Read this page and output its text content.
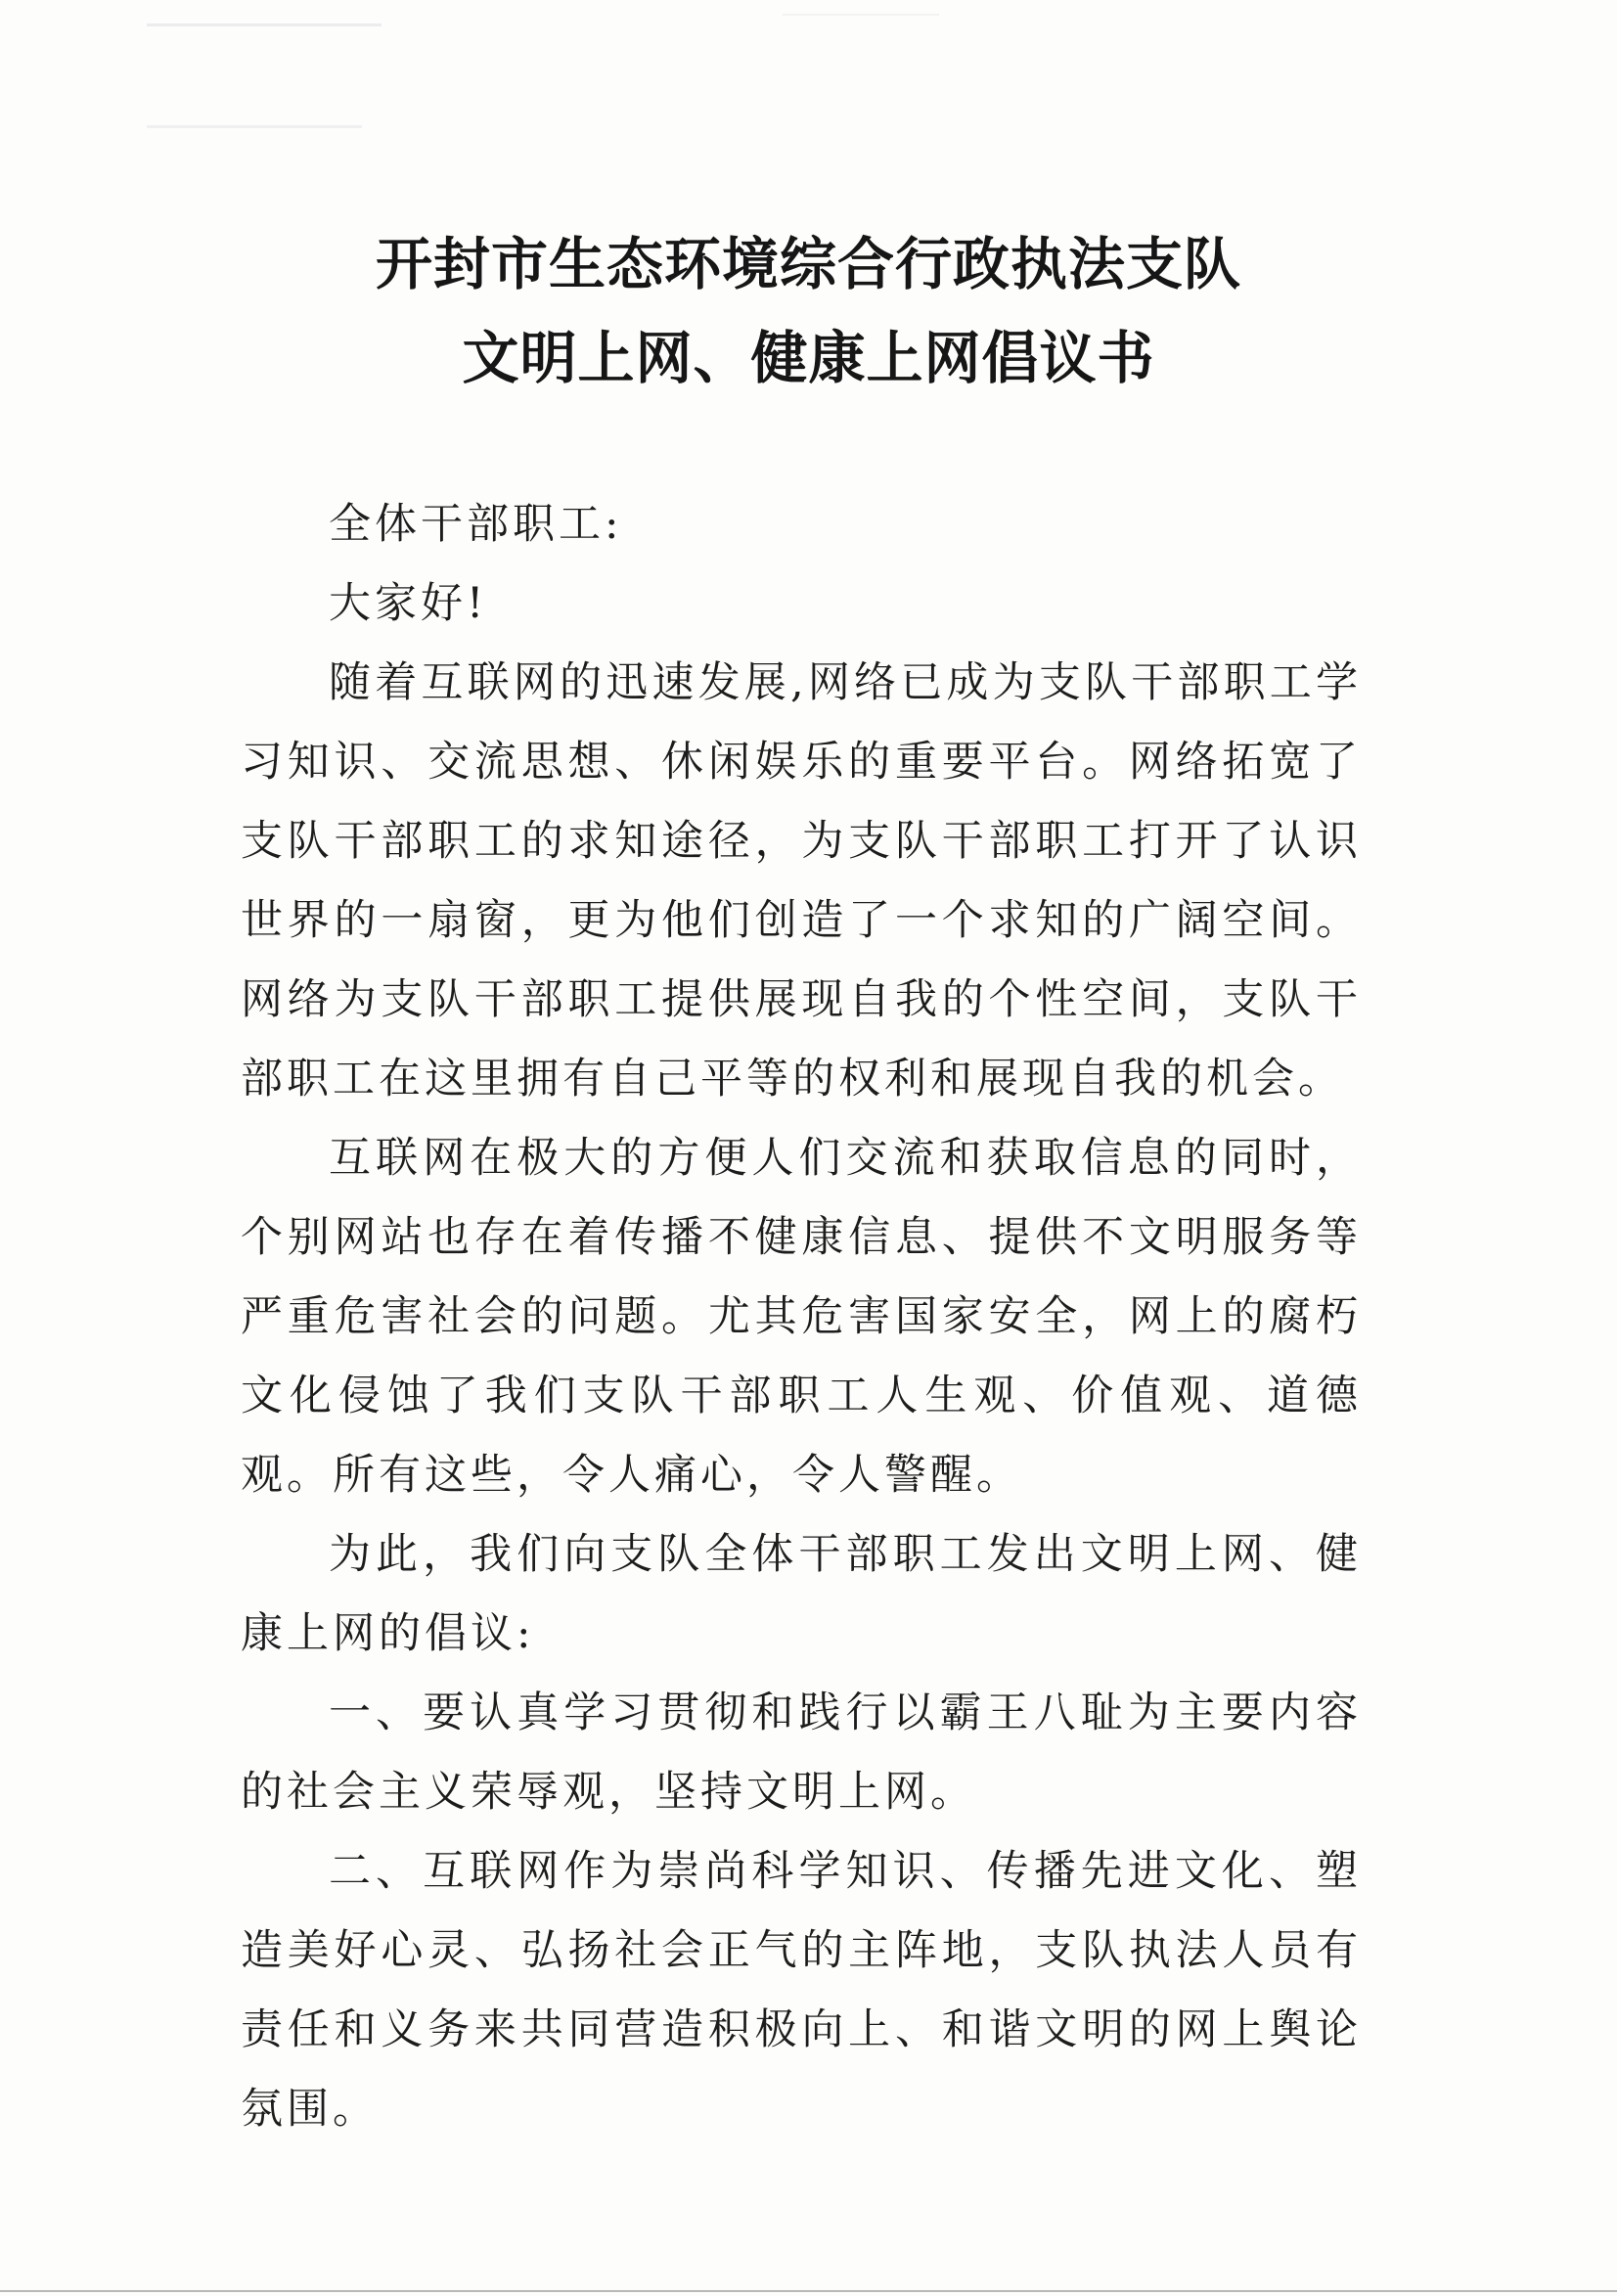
开封市生态环境综合行政执法支队
文明上网、健康上网倡议书

全体干部职工:

大家好!

随着互联网的迅速发展,网络已成为支队干部职工学习知识、交流思想、休闲娱乐的重要平台。网络拓宽了支队干部职工的求知途径，为支队干部职工打开了认识世界的一扇窗，更为他们创造了一个求知的广阔空间。网络为支队干部职工提供展现自我的个性空间，支队干部职工在这里拥有自己平等的权利和展现自我的机会。

互联网在极大的方便人们交流和获取信息的同时，个别网站也存在着传播不健康信息、提供不文明服务等严重危害社会的问题。尤其危害国家安全，网上的腐朽文化侵蚀了我们支队干部职工人生观、价值观、道德观。所有这些，令人痛心，令人警醒。

为此，我们向支队全体干部职工发出文明上网、健康上网的倡议:

一、要认真学习贯彻和践行以霸王八耻为主要内容的社会主义荣辱观，坚持文明上网。

二、互联网作为崇尚科学知识、传播先进文化、塑造美好心灵、弘扬社会正气的主阵地，支队执法人员有责任和义务来共同营造积极向上、和谐文明的网上舆论氛围。
